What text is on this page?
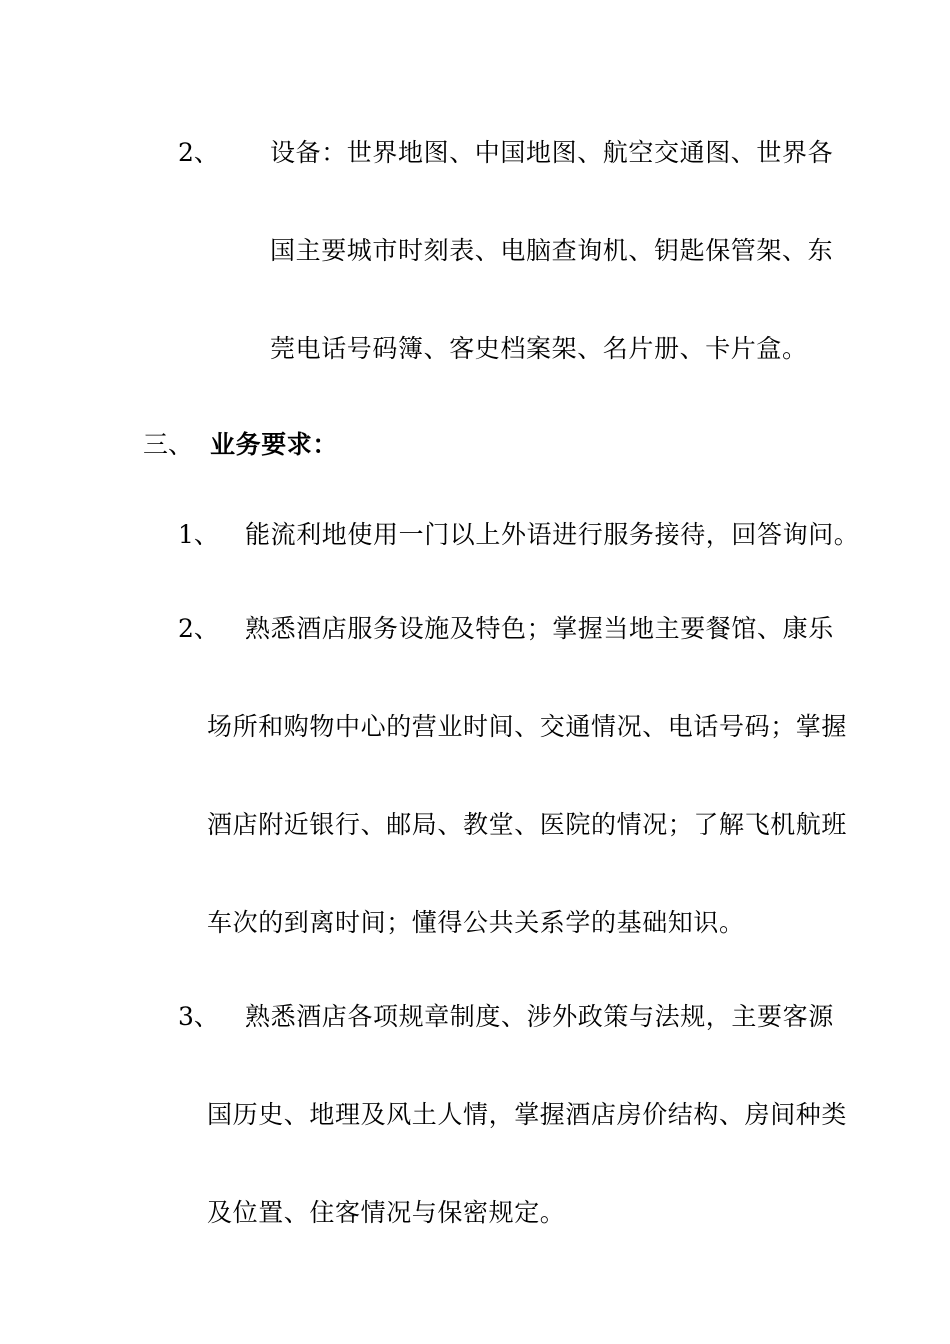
2、 设备：世界地图、中国地图、航空交通图、世界各
国主要城市时刻表、电脑查询机、钥匙保管架、东
莞电话号码簿、客史档案架、名片册、卡片盒。
三、 业务要求：
1、 能流利地使用一门以上外语进行服务接待，回答询问。
2、 熟悉酒店服务设施及特色；掌握当地主要餐馆、康乐
场所和购物中心的营业时间、交通情况、电话号码；掌握
酒店附近银行、邮局、教堂、医院的情况；了解飞机航班
车次的到离时间；懂得公共关系学的基础知识。
3、 熟悉酒店各项规章制度、涉外政策与法规，主要客源
国历史、地理及风土人情，掌握酒店房价结构、房间种类
及位置、住客情况与保密规定。
